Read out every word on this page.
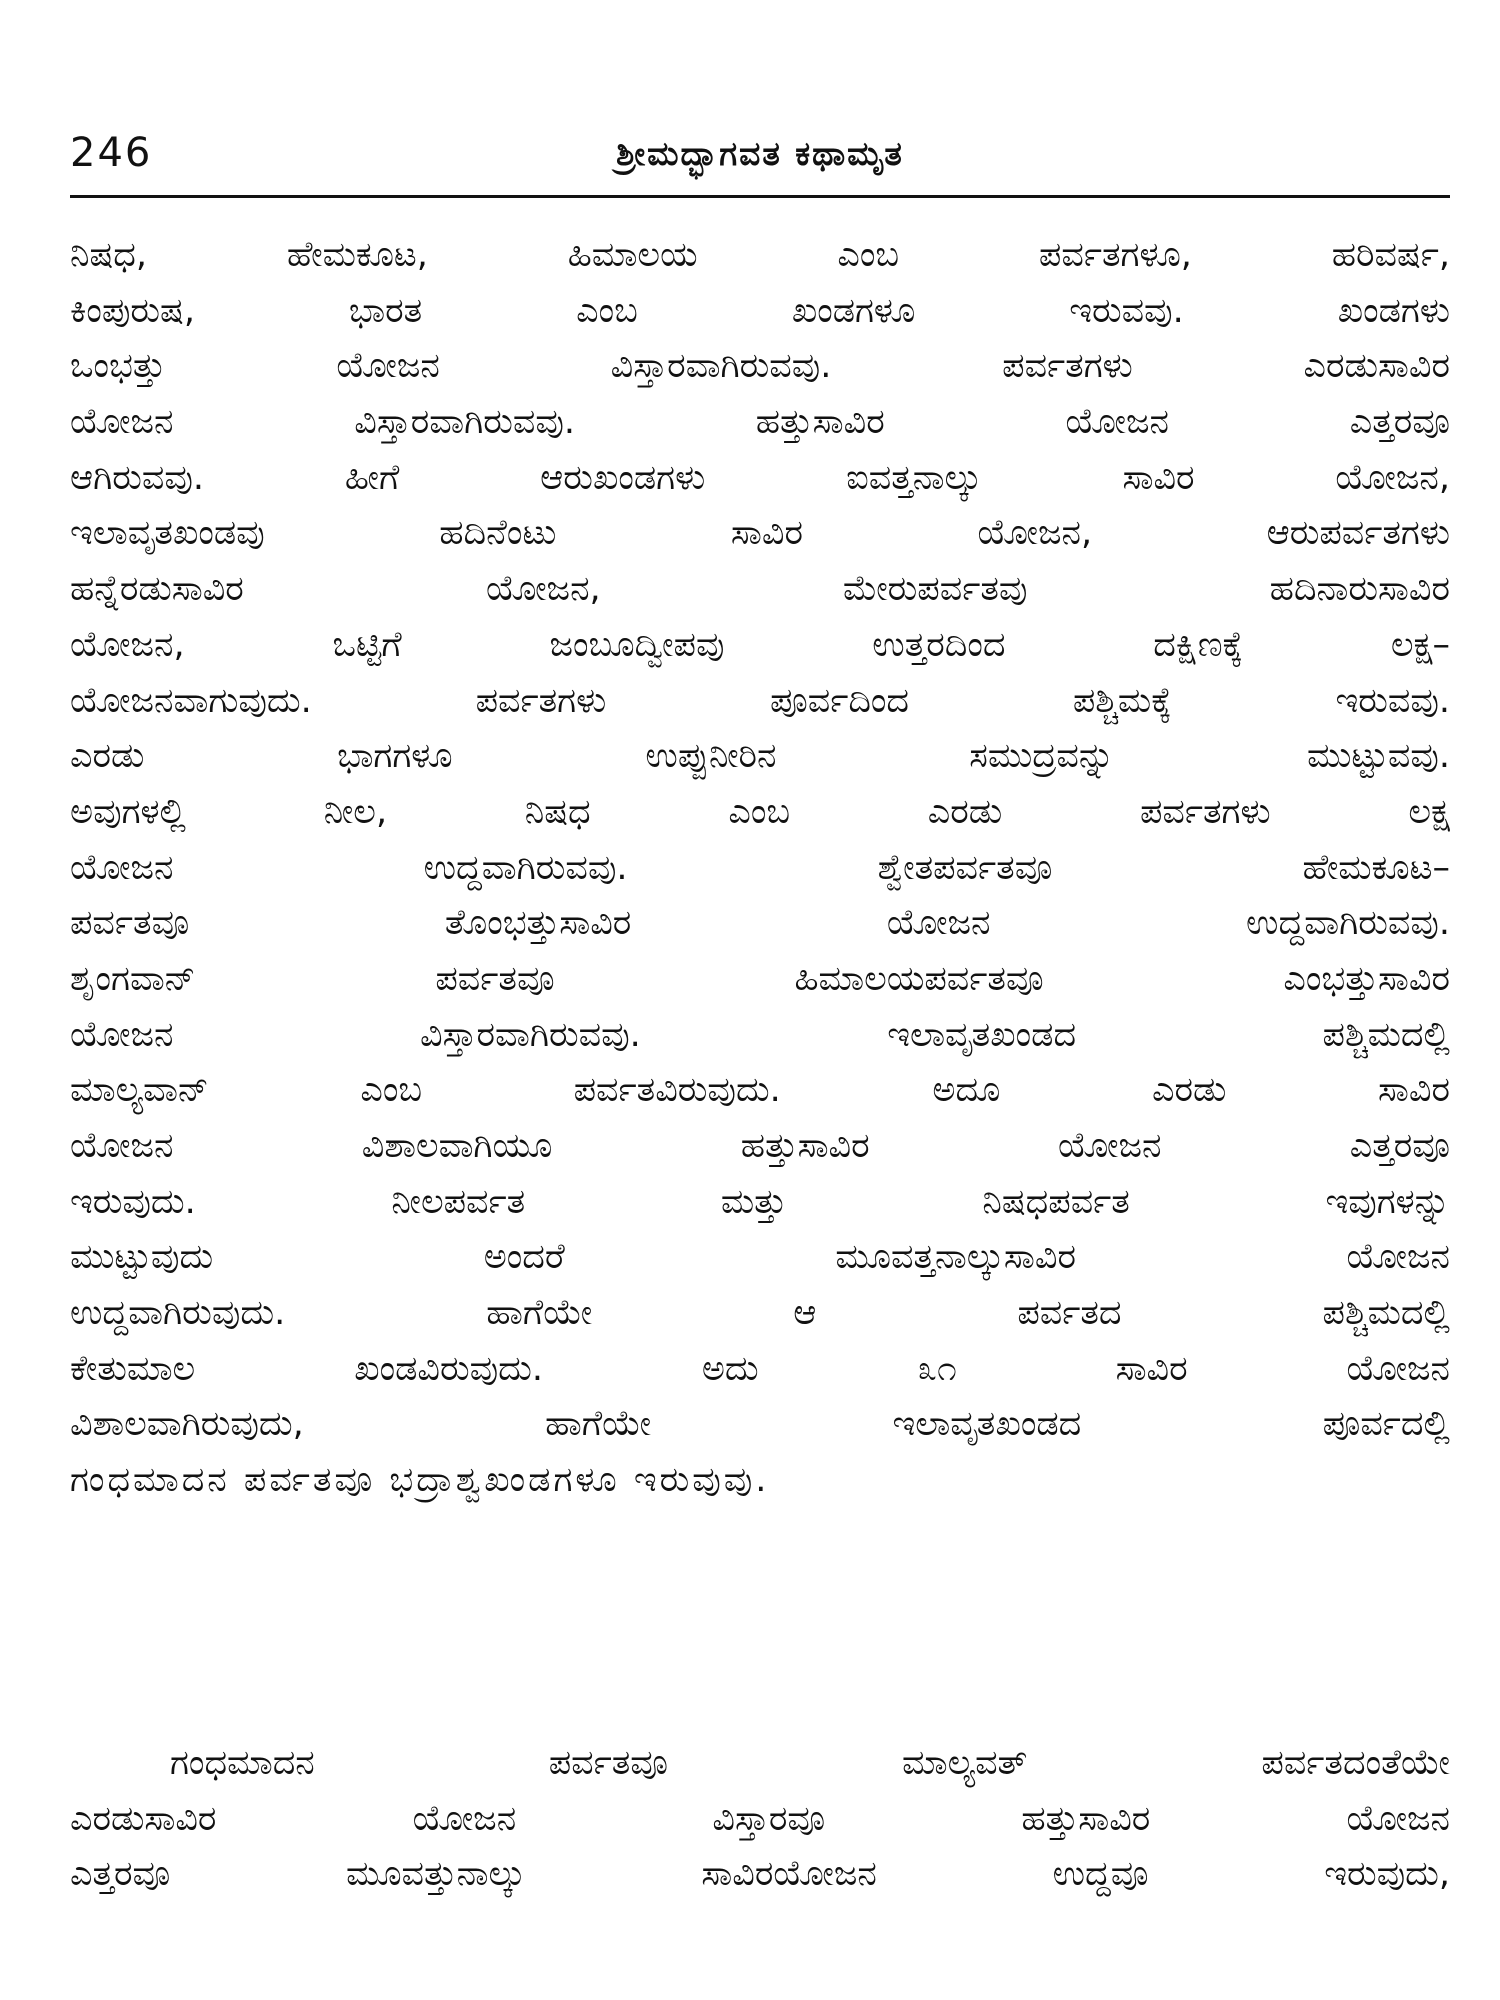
246	ಶ್ರೀಮದ್ಭಾಗವತ ಕಥಾಮೃತ
ನಿಷಧ, ಹೇಮಕೂಟ, ಹಿಮಾಲಯ ಎಂಬ ಪರ್ವತಗಳೂ, ಹರಿವರ್ಷ,
ಕಿಂಪುರುಷ, ಭಾರತ ಎಂಬ ಖಂಡಗಳೂ ಇರುವವು. ಖಂಡಗಳು
ಒಂಭತ್ತು ಯೋಜನ ವಿಸ್ತಾರವಾಗಿರುವವು. ಪರ್ವತಗಳು ಎರಡುಸಾವಿರ
ಯೋಜನ ವಿಸ್ತಾರವಾಗಿರುವವು. ಹತ್ತುಸಾವಿರ ಯೋಜನ ಎತ್ತರವೂ
ಆಗಿರುವವು. ಹೀಗೆ ಆರುಖಂಡಗಳು ಐವತ್ತನಾಲ್ಕು ಸಾವಿರ ಯೋಜನ,
ಇಲಾವೃತಖಂಡವು ಹದಿನೆಂಟು ಸಾವಿರ ಯೋಜನ, ಆರುಪರ್ವತಗಳು
ಹನ್ನೆರಡುಸಾವಿರ ಯೋಜನ, ಮೇರುಪರ್ವತವು ಹದಿನಾರುಸಾವಿರ
ಯೋಜನ, ಒಟ್ಟಿಗೆ ಜಂಬೂದ್ವೀಪವು ಉತ್ತರದಿಂದ ದಕ್ಷಿಣಕ್ಕೆ ಲಕ್ಷ–
ಯೋಜನವಾಗುವುದು. ಪರ್ವತಗಳು ಪೂರ್ವದಿಂದ ಪಶ್ಚಿಮಕ್ಕೆ ಇರುವವು.
ಎರಡು ಭಾಗಗಳೂ ಉಪ್ಪುನೀರಿನ ಸಮುದ್ರವನ್ನು ಮುಟ್ಟುವವು.
ಅವುಗಳಲ್ಲಿ ನೀಲ, ನಿಷಧ ಎಂಬ ಎರಡು ಪರ್ವತಗಳು ಲಕ್ಷ
ಯೋಜನ ಉದ್ದವಾಗಿರುವವು. ಶ್ವೇತಪರ್ವತವೂ ಹೇಮಕೂಟ–
ಪರ್ವತವೂ ತೊಂಭತ್ತುಸಾವಿರ ಯೋಜನ ಉದ್ದವಾಗಿರುವವು.
ಶೃಂಗವಾನ್ ಪರ್ವತವೂ ಹಿಮಾಲಯಪರ್ವತವೂ ಎಂಭತ್ತುಸಾವಿರ
ಯೋಜನ ವಿಸ್ತಾರವಾಗಿರುವವು. ಇಲಾವೃತಖಂಡದ ಪಶ್ಚಿಮದಲ್ಲಿ
ಮಾಲ್ಯವಾನ್ ಎಂಬ ಪರ್ವತವಿರುವುದು. ಅದೂ ಎರಡು ಸಾವಿರ
ಯೋಜನ ವಿಶಾಲವಾಗಿಯೂ ಹತ್ತುಸಾವಿರ ಯೋಜನ ಎತ್ತರವೂ
ಇರುವುದು. ನೀಲಪರ್ವತ ಮತ್ತು ನಿಷಧಪರ್ವತ ಇವುಗಳನ್ನು
ಮುಟ್ಟುವುದು ಅಂದರೆ ಮೂವತ್ತನಾಲ್ಕುಸಾವಿರ ಯೋಜನ
ಉದ್ದವಾಗಿರುವುದು. ಹಾಗೆಯೇ ಆ ಪರ್ವತದ ಪಶ್ಚಿಮದಲ್ಲಿ
ಕೇತುಮಾಲ ಖಂಡವಿರುವುದು. ಅದು ೩೧ ಸಾವಿರ ಯೋಜನ
ವಿಶಾಲವಾಗಿರುವುದು, ಹಾಗೆಯೇ ಇಲಾವೃತಖಂಡದ ಪೂರ್ವದಲ್ಲಿ
ಗಂಧಮಾದನ ಪರ್ವತವೂ ಭದ್ರಾಶ್ವಖಂಡಗಳೂ ಇರುವುವು.
ಗಂಧಮಾದನ ಪರ್ವತವೂ ಮಾಲ್ಯವತ್ ಪರ್ವತದಂತೆಯೇ
ಎರಡುಸಾವಿರ ಯೋಜನ ವಿಸ್ತಾರವೂ ಹತ್ತುಸಾವಿರ ಯೋಜನ
ಎತ್ತರವೂ ಮೂವತ್ತುನಾಲ್ಕು ಸಾವಿರಯೋಜನ ಉದ್ದವೂ ಇರುವುದು,
